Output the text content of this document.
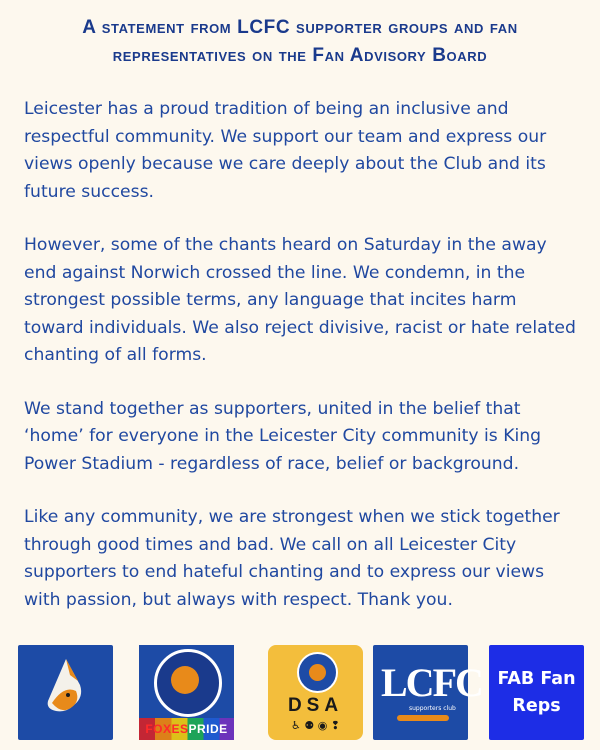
A statement from LCFC supporter groups and fan
representatives on the Fan Advisory Board

Leicester has a proud tradition of being an inclusive and respectful community. We support our team and express our views openly because we care deeply about the Club and its future success.

However, some of the chants heard on Saturday in the away end against Norwich crossed the line. We condemn, in the strongest possible terms, any language that incites harm toward individuals. We also reject divisive, racist or hate related chanting of all forms.

We stand together as supporters, united in the belief that ‘home’ for everyone in the Leicester City community is King Power Stadium - regardless of race, belief or background.

Like any community, we are strongest when we stick together through good times and bad. We call on all Leicester City supporters to end hateful chanting and to express our views with passion, but always with respect. Thank you.

FOXESPRIDE
DSA
♿ ⚉ ◉ ❢
LCFC
supporters club
FAB Fan
Reps
